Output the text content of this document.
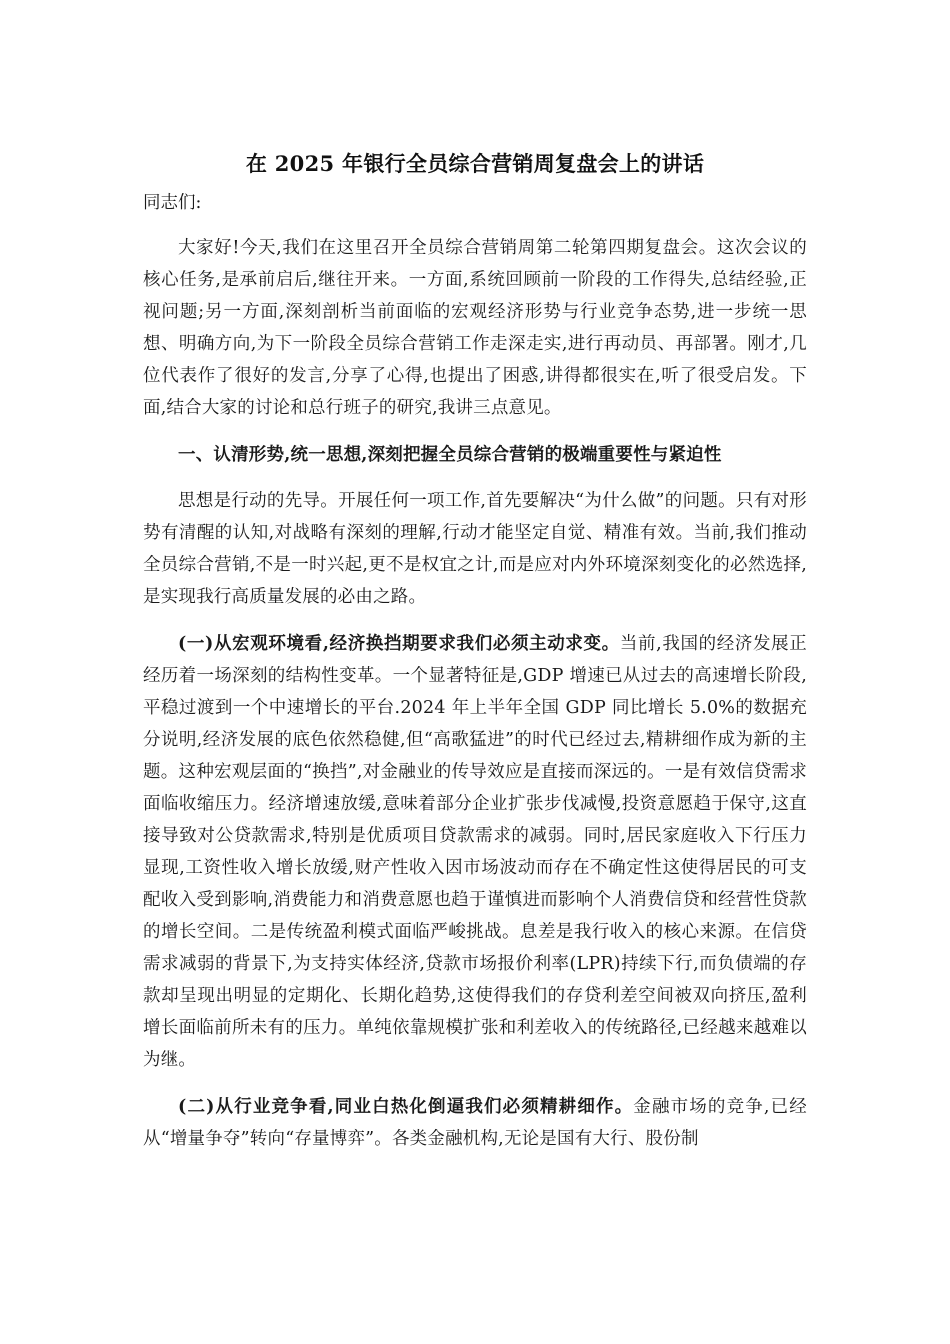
在 2025 年银行全员综合营销周复盘会上的讲话
同志们:

大家好!今天,我们在这里召开全员综合营销周第二轮第四期复盘会。这次会议的核心任务,是承前启后,继往开来。一方面,系统回顾前一阶段的工作得失,总结经验,正视问题;另一方面,深刻剖析当前面临的宏观经济形势与行业竞争态势,进一步统一思想、明确方向,为下一阶段全员综合营销工作走深走实,进行再动员、再部署。刚才,几位代表作了很好的发言,分享了心得,也提出了困惑,讲得都很实在,听了很受启发。下面,结合大家的讨论和总行班子的研究,我讲三点意见。

一、认清形势,统一思想,深刻把握全员综合营销的极端重要性与紧迫性

思想是行动的先导。开展任何一项工作,首先要解决“为什么做”的问题。只有对形势有清醒的认知,对战略有深刻的理解,行动才能坚定自觉、精准有效。当前,我们推动全员综合营销,不是一时兴起,更不是权宜之计,而是应对内外环境深刻变化的必然选择,是实现我行高质量发展的必由之路。

(一)从宏观环境看,经济换挡期要求我们必须主动求变。当前,我国的经济发展正经历着一场深刻的结构性变革。一个显著特征是,GDP 增速已从过去的高速增长阶段,平稳过渡到一个中速增长的平台.2024 年上半年全国 GDP 同比增长 5.0%的数据充分说明,经济发展的底色依然稳健,但“高歌猛进”的时代已经过去,精耕细作成为新的主题。这种宏观层面的“换挡”,对金融业的传导效应是直接而深远的。一是有效信贷需求面临收缩压力。经济增速放缓,意味着部分企业扩张步伐减慢,投资意愿趋于保守,这直接导致对公贷款需求,特别是优质项目贷款需求的减弱。同时,居民家庭收入下行压力显现,工资性收入增长放缓,财产性收入因市场波动而存在不确定性这使得居民的可支配收入受到影响,消费能力和消费意愿也趋于谨慎进而影响个人消费信贷和经营性贷款的增长空间。二是传统盈利模式面临严峻挑战。息差是我行收入的核心来源。在信贷需求减弱的背景下,为支持实体经济,贷款市场报价利率(LPR)持续下行,而负债端的存款却呈现出明显的定期化、长期化趋势,这使得我们的存贷利差空间被双向挤压,盈利增长面临前所未有的压力。单纯依靠规模扩张和利差收入的传统路径,已经越来越难以为继。

(二)从行业竞争看,同业白热化倒逼我们必须精耕细作。金融市场的竞争,已经从“增量争夺”转向“存量博弈”。各类金融机构,无论是国有大行、股份制
